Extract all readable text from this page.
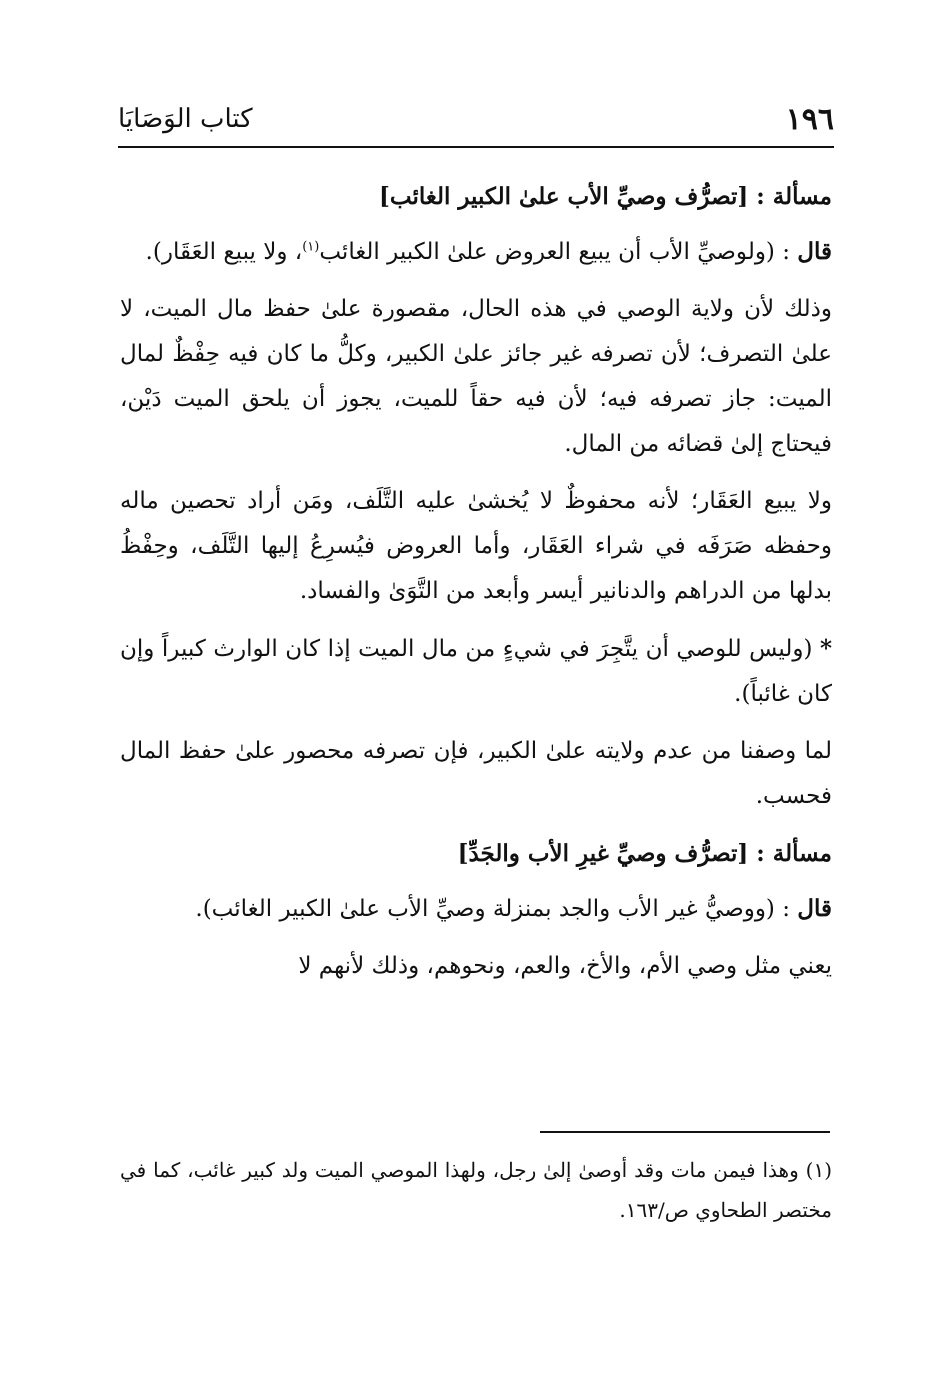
١٩٦
كتاب الوَصَايَا
مسألة : [تصرُّف وصيِّ الأب علىٰ الكبير الغائب]

قال : (ولوصيِّ الأب أن يبيع العروض علىٰ الكبير الغائب$^{(١)}$، ولا يبيع العَقَار).

وذلك لأن ولاية الوصي في هذه الحال، مقصورة علىٰ حفظ مال الميت، لا علىٰ التصرف؛ لأن تصرفه غير جائز علىٰ الكبير، وكلُّ ما كان فيه حِفْظٌ لمال الميت: جاز تصرفه فيه؛ لأن فيه حقاً للميت، يجوز أن يلحق الميت دَيْن، فيحتاج إلىٰ قضائه من المال.

ولا يبيع العَقَار؛ لأنه محفوظٌ لا يُخشىٰ عليه التَّلَف، ومَن أراد تحصين ماله وحفظه صَرَفَه في شراء العَقَار، وأما العروض فيُسرِعُ إليها التَّلَف، وحِفْظُ بدلها من الدراهم والدنانير أيسر وأبعد من التَّوَىٰ والفساد.

* (وليس للوصي أن يتَّجِرَ في شيءٍ من مال الميت إذا كان الوارث كبيراً وإن كان غائباً).

لما وصفنا من عدم ولايته علىٰ الكبير، فإن تصرفه محصور علىٰ حفظ المال فحسب.

مسألة : [تصرُّف وصيِّ غيرِ الأب والجَدِّ]

قال : (ووصيُّ غير الأب والجد بمنزلة وصيِّ الأب علىٰ الكبير الغائب).

يعني مثل وصي الأم، والأخ، والعم، ونحوهم، وذلك لأنهم لا

(١) وهذا فيمن مات وقد أوصىٰ إلىٰ رجل، ولهذا الموصي الميت ولد كبير غائب، كما في مختصر الطحاوي ص/١٦٣.
